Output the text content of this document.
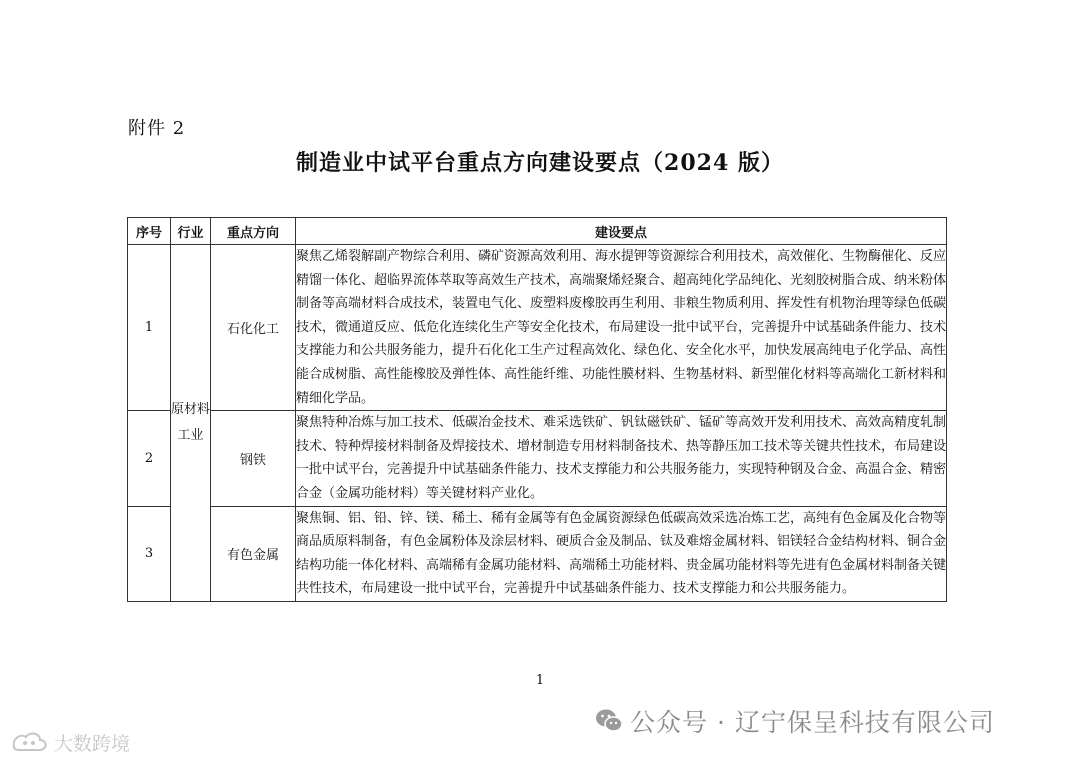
附件 2
制造业中试平台重点方向建设要点（2024 版）
序号	行业	重点方向	建设要点
1	原材料工业	石化化工	聚焦乙烯裂解副产物综合利用、磷矿资源高效利用、海水提钾等资源综合利用技术，高效催化、生物酶催化、反应精馏一体化、超临界流体萃取等高效生产技术，高端聚烯烃聚合、超高纯化学品纯化、光刻胶树脂合成、纳米粉体制备等高端材料合成技术，装置电气化、废塑料废橡胶再生利用、非粮生物质利用、挥发性有机物治理等绿色低碳技术，微通道反应、低危化连续化生产等安全化技术，布局建设一批中试平台，完善提升中试基础条件能力、技术支撑能力和公共服务能力，提升石化化工生产过程高效化、绿色化、安全化水平，加快发展高纯电子化学品、高性能合成树脂、高性能橡胶及弹性体、高性能纤维、功能性膜材料、生物基材料、新型催化材料等高端化工新材料和精细化学品。
2		钢铁	聚焦特种冶炼与加工技术、低碳冶金技术、难采选铁矿、钒钛磁铁矿、锰矿等高效开发利用技术、高效高精度轧制技术、特种焊接材料制备及焊接技术、增材制造专用材料制备技术、热等静压加工技术等关键共性技术，布局建设一批中试平台，完善提升中试基础条件能力、技术支撑能力和公共服务能力，实现特种钢及合金、高温合金、精密合金（金属功能材料）等关键材料产业化。
3		有色金属	聚焦铜、铝、铅、锌、镁、稀土、稀有金属等有色金属资源绿色低碳高效采选冶炼工艺，高纯有色金属及化合物等商品质原料制备，有色金属粉体及涂层材料、硬质合金及制品、钛及难熔金属材料、铝镁轻合金结构材料、铜合金结构功能一体化材料、高端稀有金属功能材料、高端稀土功能材料、贵金属功能材料等先进有色金属材料制备关键共性技术，布局建设一批中试平台，完善提升中试基础条件能力、技术支撑能力和公共服务能力。
1
公众号 · 辽宁保呈科技有限公司
大数跨境
